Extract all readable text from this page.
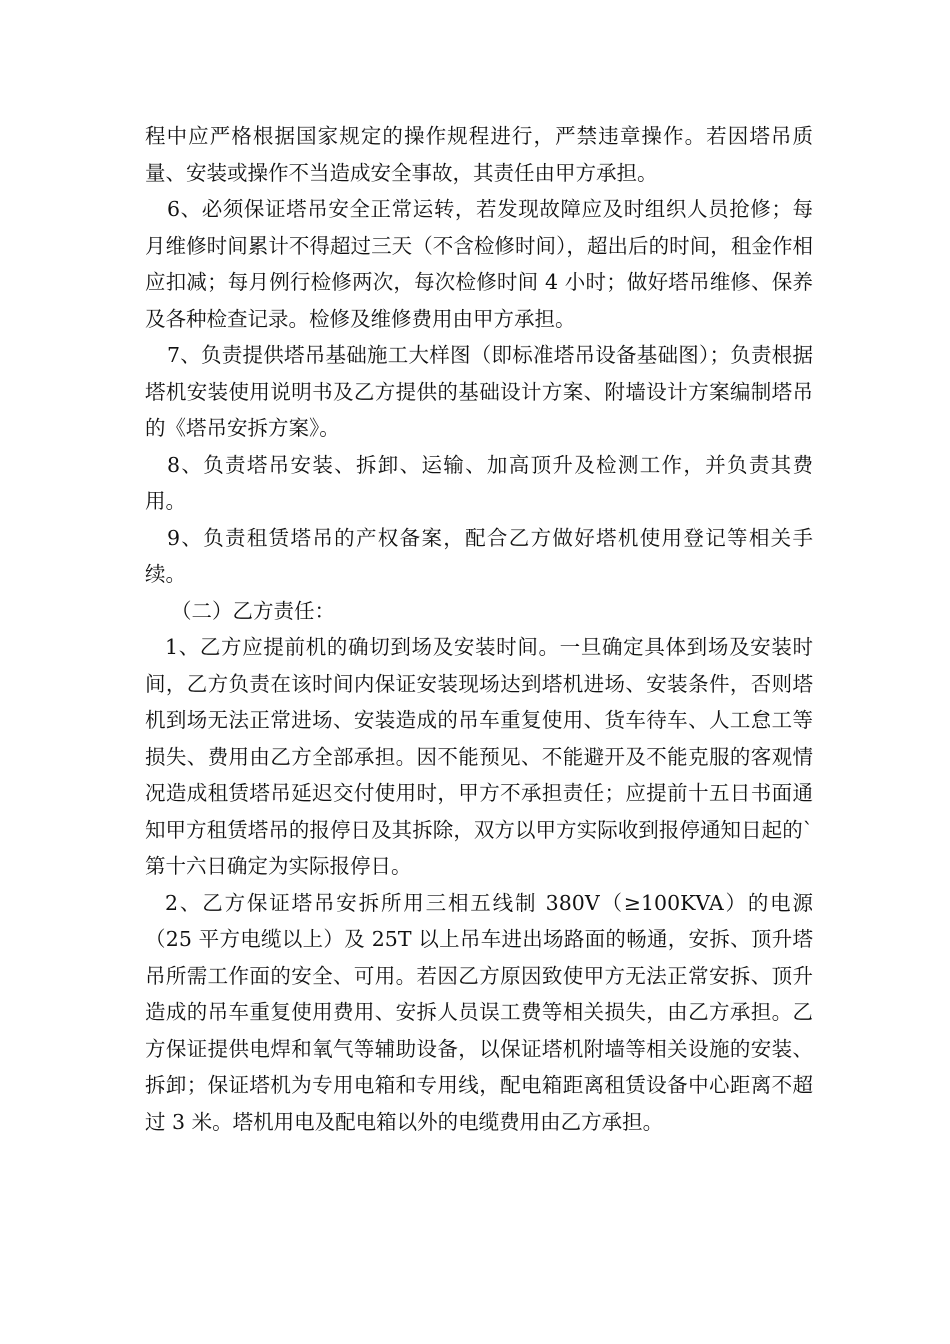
程中应严格根据国家规定的操作规程进行，严禁违章操作。若因塔吊质量、安装或操作不当造成安全事故，其责任由甲方承担。

6、必须保证塔吊安全正常运转，若发现故障应及时组织人员抢修；每月维修时间累计不得超过三天（不含检修时间），超出后的时间，租金作相应扣减；每月例行检修两次，每次检修时间 4 小时；做好塔吊维修、保养及各种检查记录。检修及维修费用由甲方承担。

7、负责提供塔吊基础施工大样图（即标准塔吊设备基础图）；负责根据塔机安装使用说明书及乙方提供的基础设计方案、附墙设计方案编制塔吊的《塔吊安拆方案》。

8、负责塔吊安装、拆卸、运输、加高顶升及检测工作，并负责其费用。

9、负责租赁塔吊的产权备案，配合乙方做好塔机使用登记等相关手续。

（二）乙方责任：

1、乙方应提前机的确切到场及安装时间。一旦确定具体到场及安装时间，乙方负责在该时间内保证安装现场达到塔机进场、安装条件，否则塔机到场无法正常进场、安装造成的吊车重复使用、货车待车、人工怠工等损失、费用由乙方全部承担。因不能预见、不能避开及不能克服的客观情况造成租赁塔吊延迟交付使用时，甲方不承担责任；应提前十五日书面通知甲方租赁塔吊的报停日及其拆除，双方以甲方实际收到报停通知日起的`第十六日确定为实际报停日。

2、乙方保证塔吊安拆所用三相五线制 380V（≥100KVA）的电源（25 平方电缆以上）及 25T 以上吊车进出场路面的畅通，安拆、顶升塔吊所需工作面的安全、可用。若因乙方原因致使甲方无法正常安拆、顶升造成的吊车重复使用费用、安拆人员误工费等相关损失，由乙方承担。乙方保证提供电焊和氧气等辅助设备，以保证塔机附墙等相关设施的安装、拆卸；保证塔机为专用电箱和专用线，配电箱距离租赁设备中心距离不超过 3 米。塔机用电及配电箱以外的电缆费用由乙方承担。
